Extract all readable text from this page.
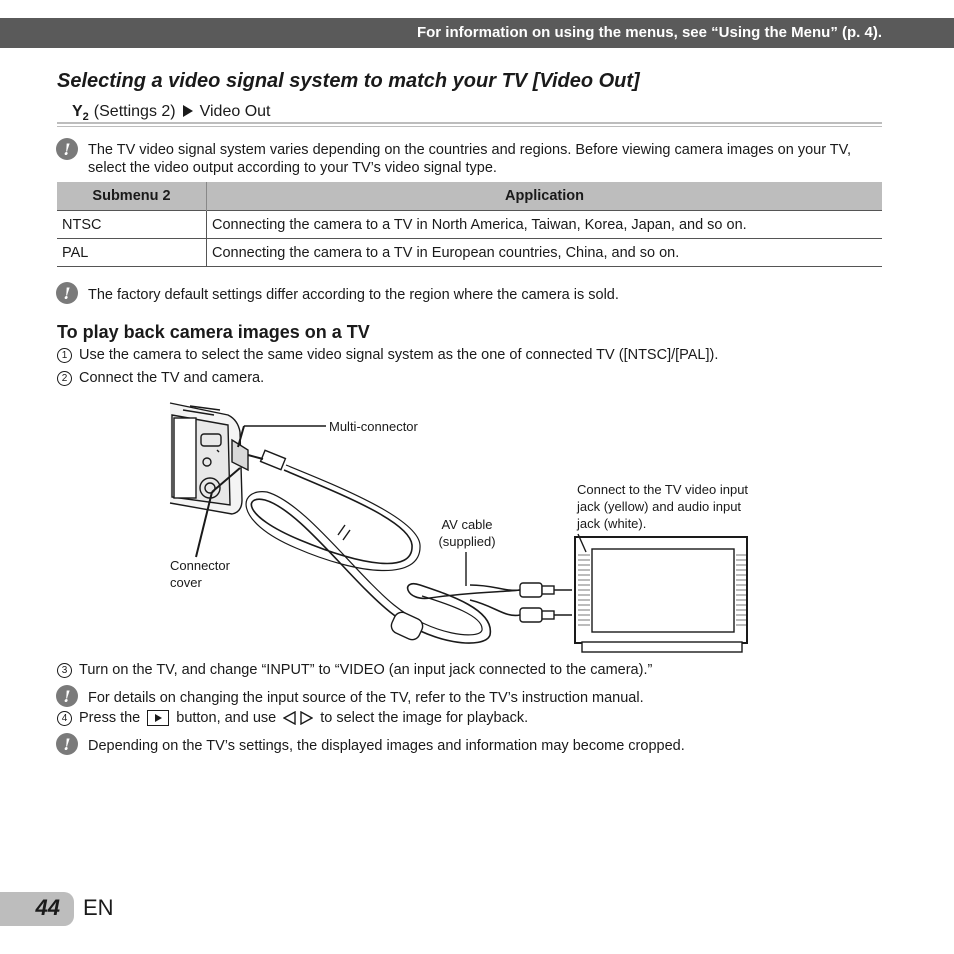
For information on using the menus, see “Using the Menu” (p. 4).
Selecting a video signal system to match your TV [Video Out]
$Y_2$ (Settings 2) Video Out
!	The TV video signal system varies depending on the countries and regions. Before viewing camera images on your TV, select the video output according to your TV’s video signal type.
Submenu 2	Application
NTSC	Connecting the camera to a TV in North America, Taiwan, Korea, Japan, and so on.
PAL	Connecting the camera to a TV in European countries, China, and so on.
!	The factory default settings differ according to the region where the camera is sold.
To play back camera images on a TV
1 Use the camera to select the same video signal system as the one of connected TV ([NTSC]/[PAL]).
2 Connect the TV and camera.
Multi-connector
Connector
cover
AV cable
(supplied)
Connect to the TV video input
jack (yellow) and audio input
jack (white).
3 Turn on the TV, and change “INPUT” to “VIDEO (an input jack connected to the camera).”
!	For details on changing the input source of the TV, refer to the TV’s instruction manual.
4 Press the button, and use	to select the image for playback.
!	Depending on the TV’s settings, the displayed images and information may become cropped.
44 EN
